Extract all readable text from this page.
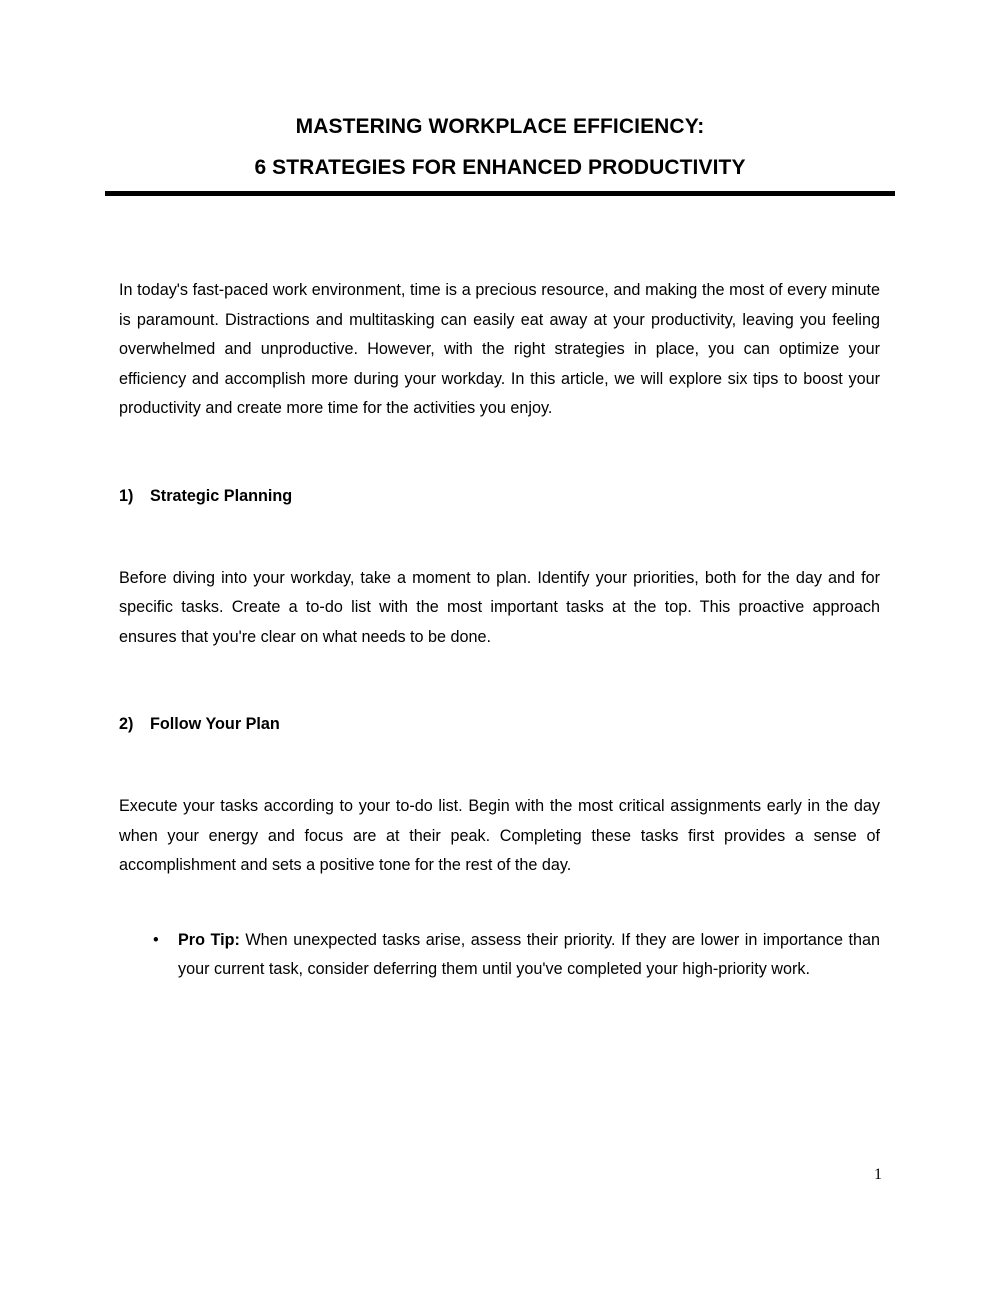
MASTERING WORKPLACE EFFICIENCY:
6 STRATEGIES FOR ENHANCED PRODUCTIVITY

In today's fast-paced work environment, time is a precious resource, and making the most of every minute is paramount. Distractions and multitasking can easily eat away at your productivity, leaving you feeling overwhelmed and unproductive. However, with the right strategies in place, you can optimize your efficiency and accomplish more during your workday. In this article, we will explore six tips to boost your productivity and create more time for the activities you enjoy.

1)	Strategic Planning

Before diving into your workday, take a moment to plan. Identify your priorities, both for the day and for specific tasks. Create a to-do list with the most important tasks at the top. This proactive approach ensures that you're clear on what needs to be done.

2)	Follow Your Plan

Execute your tasks according to your to-do list. Begin with the most critical assignments early in the day when your energy and focus are at their peak. Completing these tasks first provides a sense of accomplishment and sets a positive tone for the rest of the day.

• Pro Tip: When unexpected tasks arise, assess their priority. If they are lower in importance than your current task, consider deferring them until you've completed your high-priority work.
1
